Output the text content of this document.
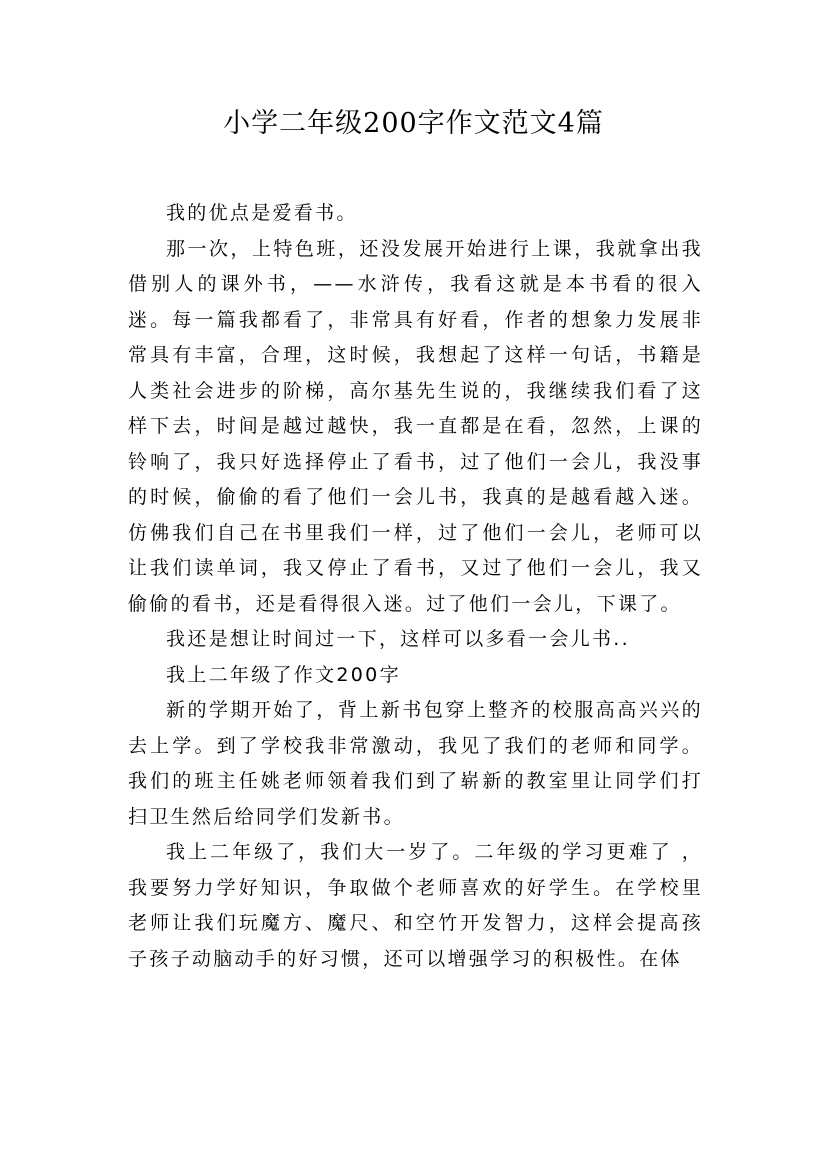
小学二年级200字作文范文4篇

我的优点是爱看书。

那一次，上特色班，还没发展开始进行上课，我就拿出我借别人的课外书，——水浒传，我看这就是本书看的很入迷。每一篇我都看了，非常具有好看，作者的想象力发展非常具有丰富，合理，这时候，我想起了这样一句话，书籍是人类社会进步的阶梯，高尔基先生说的，我继续我们看了这样下去，时间是越过越快，我一直都是在看，忽然，上课的铃响了，我只好选择停止了看书，过了他们一会儿，我没事的时候，偷偷的看了他们一会儿书，我真的是越看越入迷。仿佛我们自己在书里我们一样，过了他们一会儿，老师可以让我们读单词，我又停止了看书，又过了他们一会儿，我又偷偷的看书，还是看得很入迷。过了他们一会儿，下课了。

我还是想让时间过一下，这样可以多看一会儿书..

我上二年级了作文200字

新的学期开始了，背上新书包穿上整齐的校服高高兴兴的去上学。到了学校我非常激动，我见了我们的老师和同学。我们的班主任姚老师领着我们到了崭新的教室里让同学们打扫卫生然后给同学们发新书。

我上二年级了，我们大一岁了。二年级的学习更难了 ，我要努力学好知识，争取做个老师喜欢的好学生。在学校里老师让我们玩魔方、魔尺、和空竹开发智力，这样会提高孩子孩子动脑动手的好习惯，还可以增强学习的积极性。在体
